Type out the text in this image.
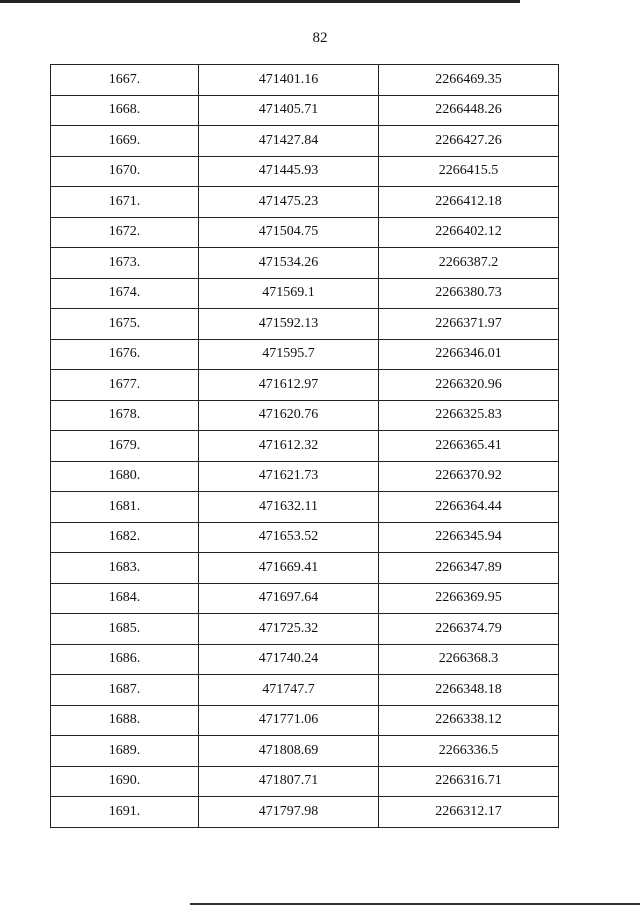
82
1667.	471401.16	2266469.35
1668.	471405.71	2266448.26
1669.	471427.84	2266427.26
1670.	471445.93	2266415.5
1671.	471475.23	2266412.18
1672.	471504.75	2266402.12
1673.	471534.26	2266387.2
1674.	471569.1	2266380.73
1675.	471592.13	2266371.97
1676.	471595.7	2266346.01
1677.	471612.97	2266320.96
1678.	471620.76	2266325.83
1679.	471612.32	2266365.41
1680.	471621.73	2266370.92
1681.	471632.11	2266364.44
1682.	471653.52	2266345.94
1683.	471669.41	2266347.89
1684.	471697.64	2266369.95
1685.	471725.32	2266374.79
1686.	471740.24	2266368.3
1687.	471747.7	2266348.18
1688.	471771.06	2266338.12
1689.	471808.69	2266336.5
1690.	471807.71	2266316.71
1691.	471797.98	2266312.17
